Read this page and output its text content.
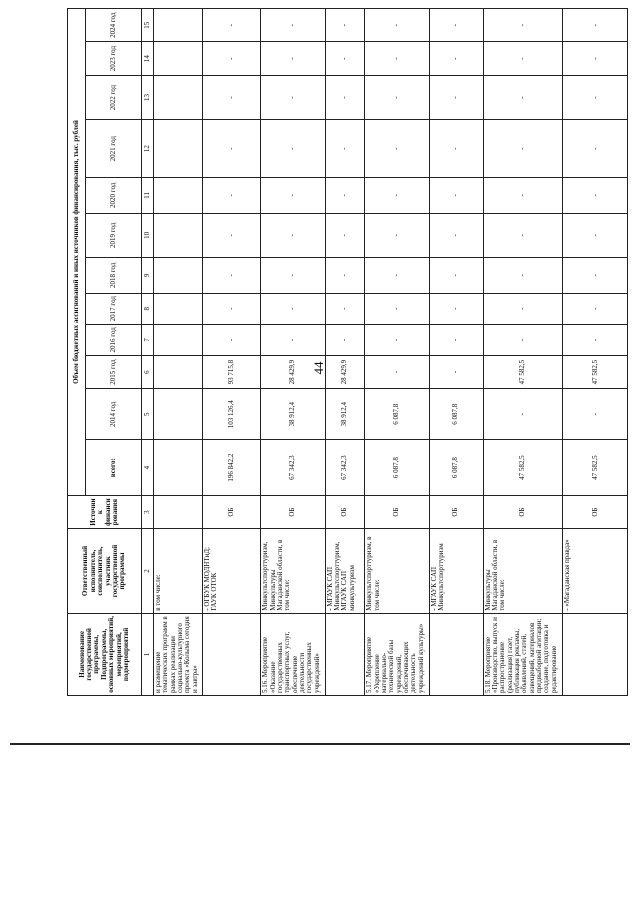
44
Наименование государственной программы, Подпрограммы, основных мероприятий, мероприятий, подмероприятий	Ответственный исполнитель, соисполнитель, участник государственной программы	Источник финансирования	Объем бюджетных ассигнований и иных источников финансирования, тыс. рублей											
			всего:	2014 год	2015 год	2016 год	2017 год	2018 год	2019 год	2020 год	2021 год	2022 год	2023 год	2024 год
1	2	3	4	5	6	7	8	9	10	11	12	13	14	15
и размещение тематических программ в рамках реализации социально-культурного проекта «Колыма сегодня и завтра»	в том числе:													
	- ОГБУК МОДНТиД; ГАУК ОТОК	ОБ	196 842,2	103 126,4	93 715,8	-	-	-	-	-	-	-	-	-
5.16. Мероприятие «Оказание государственных транспортных услуг, обеспечение деятельности государственных учреждений»	Минкультспорттуризм, Минкультуры Магаданской области, в том числе:	ОБ	67 342,3	38 912,4	28 429,9	-	-	-	-	-	-	-	-	-
	- МГАУК САП Минкультспорттуризм, МГАУК САП минкультуризм	ОБ	67 342,3	38 912,4	28 429,9	-	-	-	-	-	-	-	-	-
5.17. Мероприятие «Укрепление материально-технической базы учреждений, обеспечивающих деятельность учреждений культуры»	Минкультспорттуризм, в том числе:	ОБ	6 087,8	6 087,8	-	-	-	-	-	-	-	-	-	-
	- МГАУК САП Минкультспорттуризм	ОБ	6 087,8	6 087,8	-	-	-	-	-	-	-	-	-	-
5.18. Мероприятие «Производство, выпуск и распространение (реализация) газет, публикация рекламы, объявлений, статей, извещений, материалов предвыборной агитации; создание, подготовка и редактирование	Минкультуры Магаданской области, в том числе:	ОБ	47 582,5	-	47 582,5	-	-	-	-	-	-	-	-	-
	- «Магаданская правда»	ОБ	47 582,5	-	47 582,5	-	-	-	-	-	-	-	-	-
